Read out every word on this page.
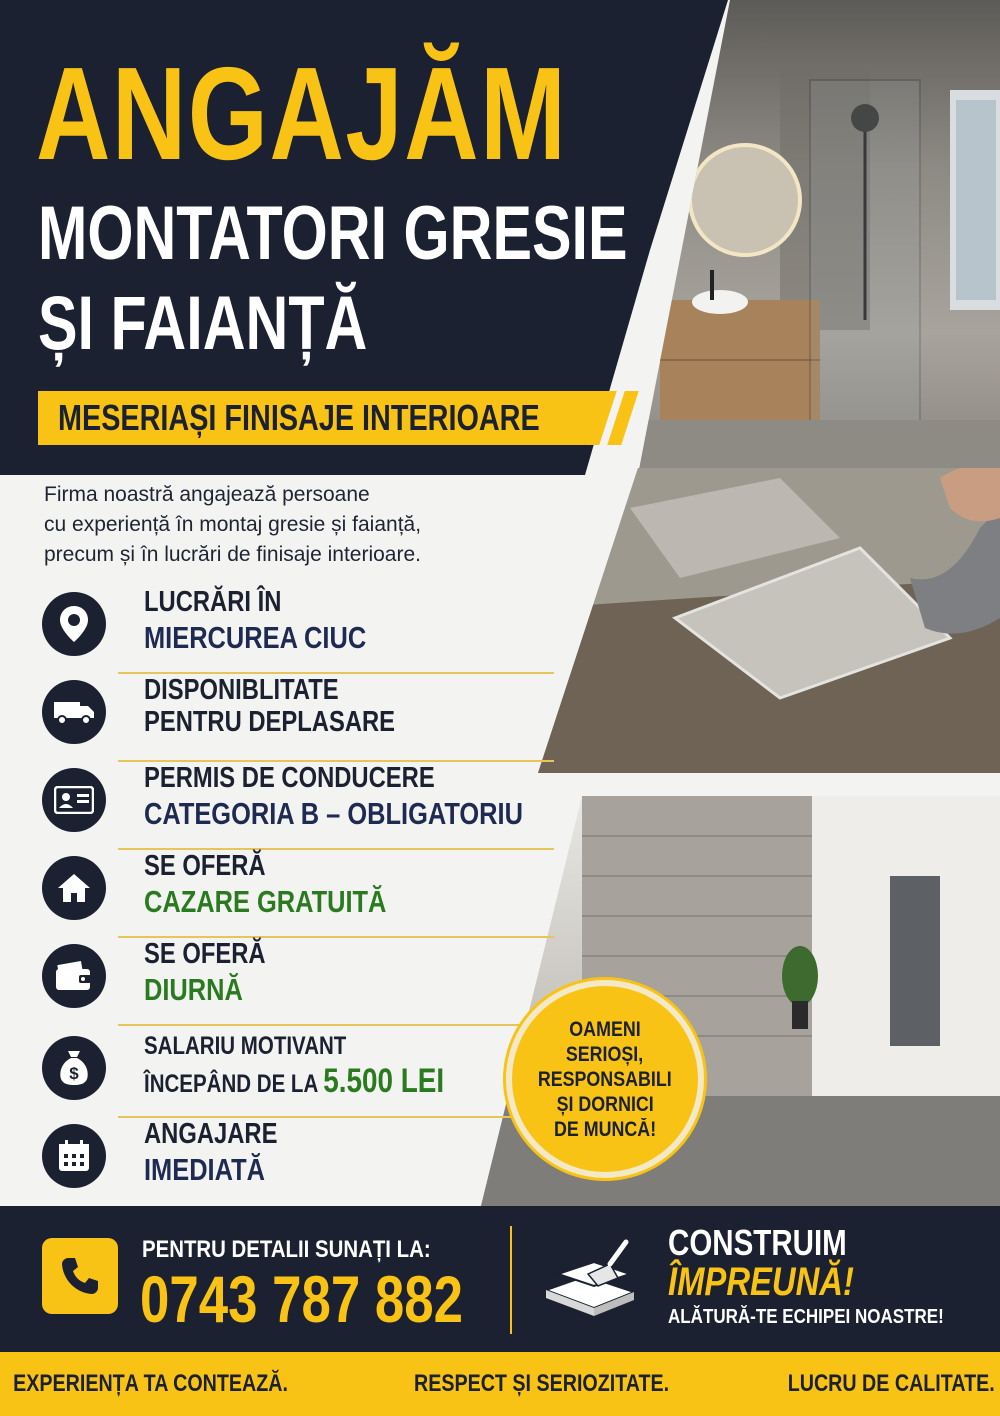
ANGAJĂM
MONTATORI GRESIE
ȘI FAIANȚĂ
MESERIAȘI FINISAJE INTERIOARE

Firma noastră angajează persoane

cu experiență în montaj gresie și faianță,

precum și în lucrări de finisaje interioare.

LUCRĂRI ÎN
MIERCUREA CIUC
DISPONIBLITATE
PENTRU DEPLASARE
PERMIS DE CONDUCERE
CATEGORIA B – OBLIGATORIU
SE OFERĂ
CAZARE GRATUITĂ
SE OFERĂ
DIURNĂ
$
SALARIU MOTIVANT
ÎNCEPÂND DE LA 5.500 LEI
ANGAJARE
IMEDIATĂ
OAMENI
SERIOȘI,
RESPONSABILI
ȘI DORNICI
DE MUNCĂ!
PENTRU DETALII SUNAȚI LA:
0743 787 882
CONSTRUIM
ÎMPREUNĂ!
ALĂTURĂ-TE ECHIPEI NOASTRE!
EXPERIENȚA TA CONTEAZĂ.	RESPECT ȘI SERIOZITATE.	LUCRU DE CALITATE.
